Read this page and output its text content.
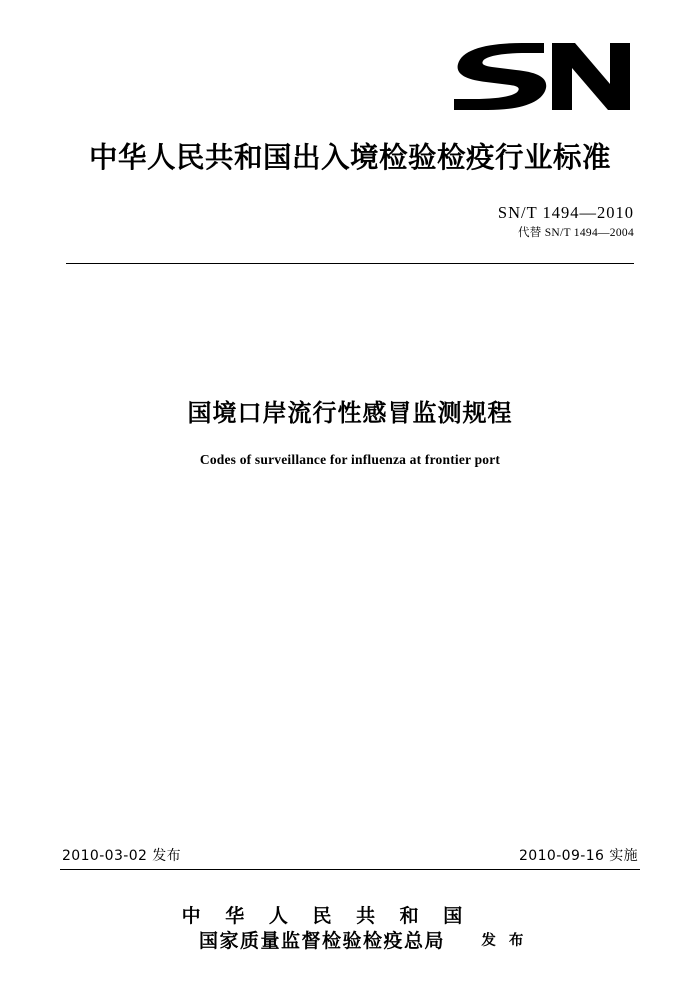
中华人民共和国出入境检验检疫行业标准
SN/T 1494—2010
代替 SN/T 1494—2004
国境口岸流行性感冒监测规程
Codes of surveillance for influenza at frontier port
2010-03-02 发布	2010-09-16 实施
中 华 人 民 共 和 国
国家质量监督检验检疫总局	发 布
